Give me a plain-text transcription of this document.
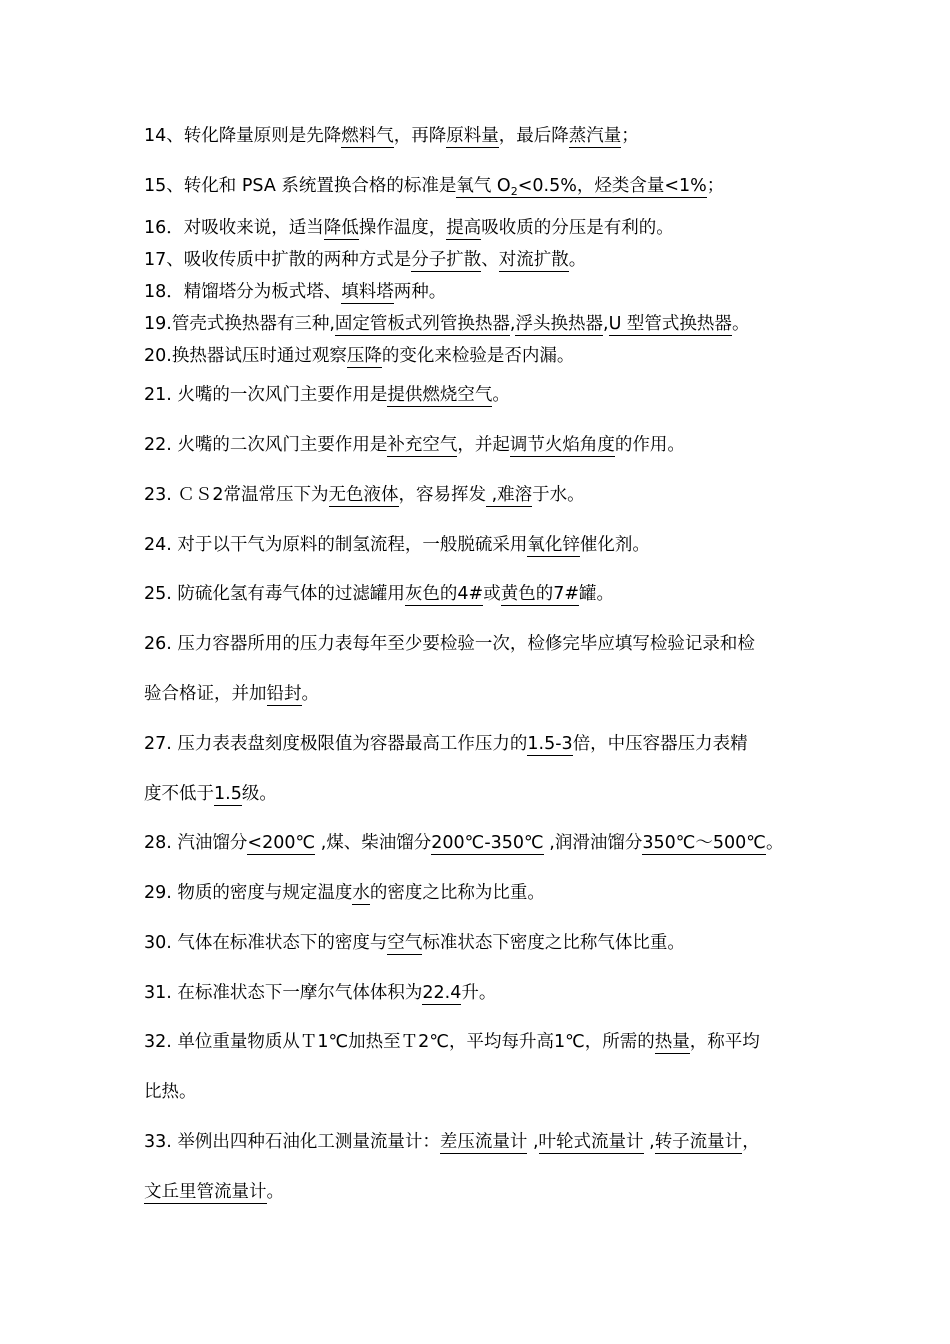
14、转化降量原则是先降燃料气，再降原料量，最后降蒸汽量；
15、转化和 PSA 系统置换合格的标准是氧气 $O_2<0.5\%$，烃类含量<1%；
16．对吸收来说，适当降低操作温度，提高吸收质的分压是有利的。
17、吸收传质中扩散的两种方式是分子扩散、对流扩散。
18．精馏塔分为板式塔、填料塔两种。
19.管壳式换热器有三种,固定管板式列管换热器,浮头换热器,U 型管式换热器。
20.换热器试压时通过观察压降的变化来检验是否内漏。
21. 火嘴的一次风门主要作用是提供燃烧空气。
22. 火嘴的二次风门主要作用是补充空气，并起调节火焰角度的作用。
23. ＣＳ2常温常压下为无色液体，容易挥发 ,难溶于水。
24. 对于以干气为原料的制氢流程，一般脱硫采用氧化锌催化剂。
25. 防硫化氢有毒气体的过滤罐用灰色的4#或黄色的7#罐。
26. 压力容器所用的压力表每年至少要检验一次，检修完毕应填写检验记录和检
验合格证，并加铅封。
27. 压力表表盘刻度极限值为容器最高工作压力的1.5-3倍，中压容器压力表精
度不低于1.5级。
28. 汽油馏分<200℃ ,煤、柴油馏分200℃-350℃ ,润滑油馏分350℃～500℃。
29. 物质的密度与规定温度水的密度之比称为比重。
30. 气体在标准状态下的密度与空气标准状态下密度之比称气体比重。
31. 在标准状态下一摩尔气体体积为22.4升。
32. 单位重量物质从Ｔ1℃加热至Ｔ2℃，平均每升高1℃，所需的热量，称平均
比热。
33. 举例出四种石油化工测量流量计：差压流量计 ,叶轮式流量计 ,转子流量计，
文丘里管流量计。
